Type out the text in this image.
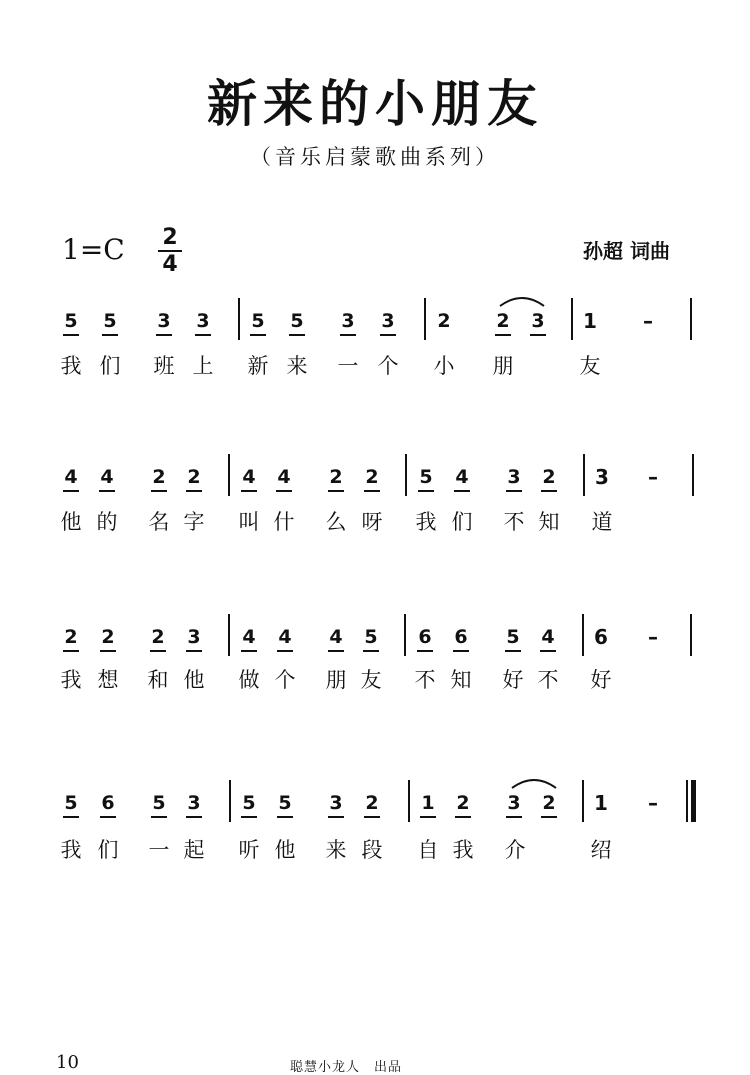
新来的小朋友
（音乐启蒙歌曲系列）
1=C 2
4
孙超 词曲
5 5 3 3 5 5 3 3 2 2 3 1 –
我 们 班 上 新 来 一 个 小 朋	友
4 4 2 2 4 4 2 2 5 4 3 2 3 –
他 的 名 字 叫 什 么 呀 我 们 不 知 道
2 2 2 3 4 4 4 5 6 6 5 4 6 –
我 想 和 他 做 个 朋 友 不 知 好 不 好
5 6 5 3 5 5 3 2 1 2 3 2 1 –
我 们 一 起 听 他 来 段 自 我 介	绍
10	聪慧小龙人　出品
